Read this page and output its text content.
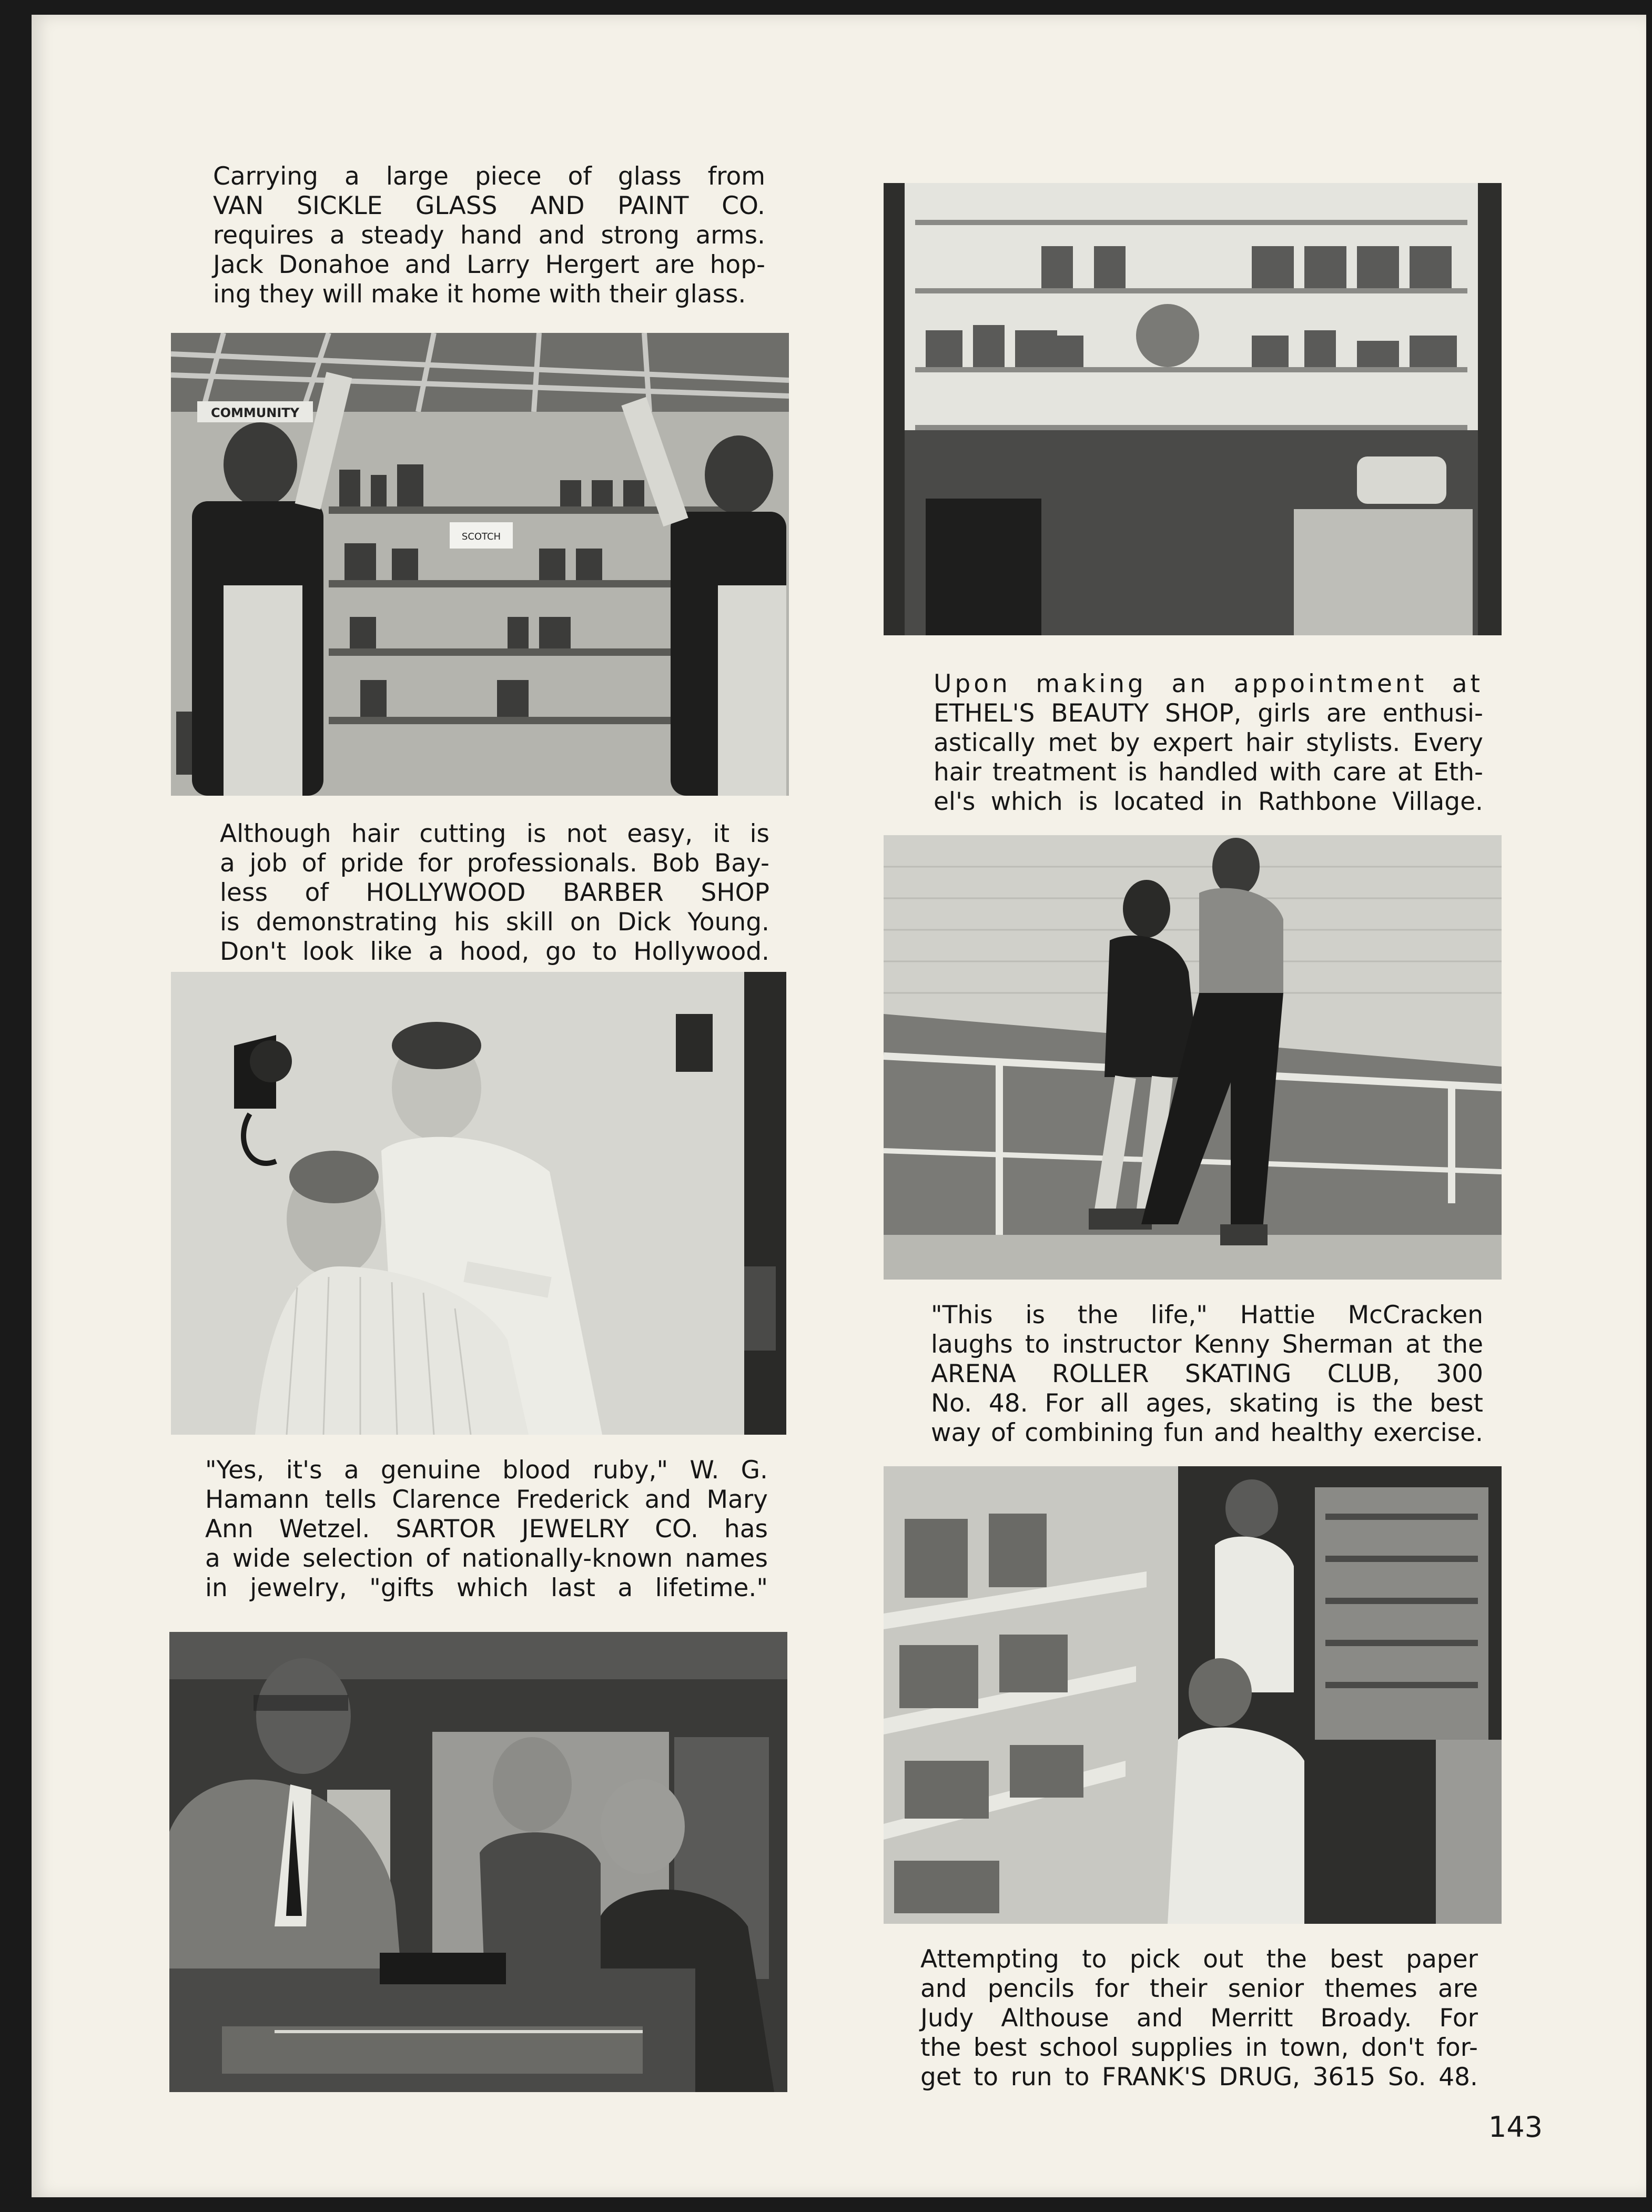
Carrying a large piece of glass from
VAN SICKLE GLASS AND PAINT CO.
requires a steady hand and strong arms.
Jack Donahoe and Larry Hergert are hop-
ing they will make it home with their glass.

COMMUNITY
SCOTCH

Although hair cutting is not easy, it is
a job of pride for professionals. Bob Bay-
less of HOLLYWOOD BARBER SHOP
is demonstrating his skill on Dick Young.
Don't look like a hood, go to Hollywood.

"Yes, it's a genuine blood ruby," W. G.
Hamann tells Clarence Frederick and Mary
Ann Wetzel. SARTOR JEWELRY CO. has
a wide selection of nationally-known names
in jewelry, "gifts which last a lifetime."

Upon making an appointment at
ETHEL'S BEAUTY SHOP, girls are enthusi-
astically met by expert hair stylists. Every
hair treatment is handled with care at Eth-
el's which is located in Rathbone Village.

"This is the life," Hattie McCracken
laughs to instructor Kenny Sherman at the
ARENA ROLLER SKATING CLUB, 300
No. 48. For all ages, skating is the best
way of combining fun and healthy exercise.

Attempting to pick out the best paper
and pencils for their senior themes are
Judy Althouse and Merritt Broady. For
the best school supplies in town, don't for-
get to run to FRANK'S DRUG, 3615 So. 48.

143
